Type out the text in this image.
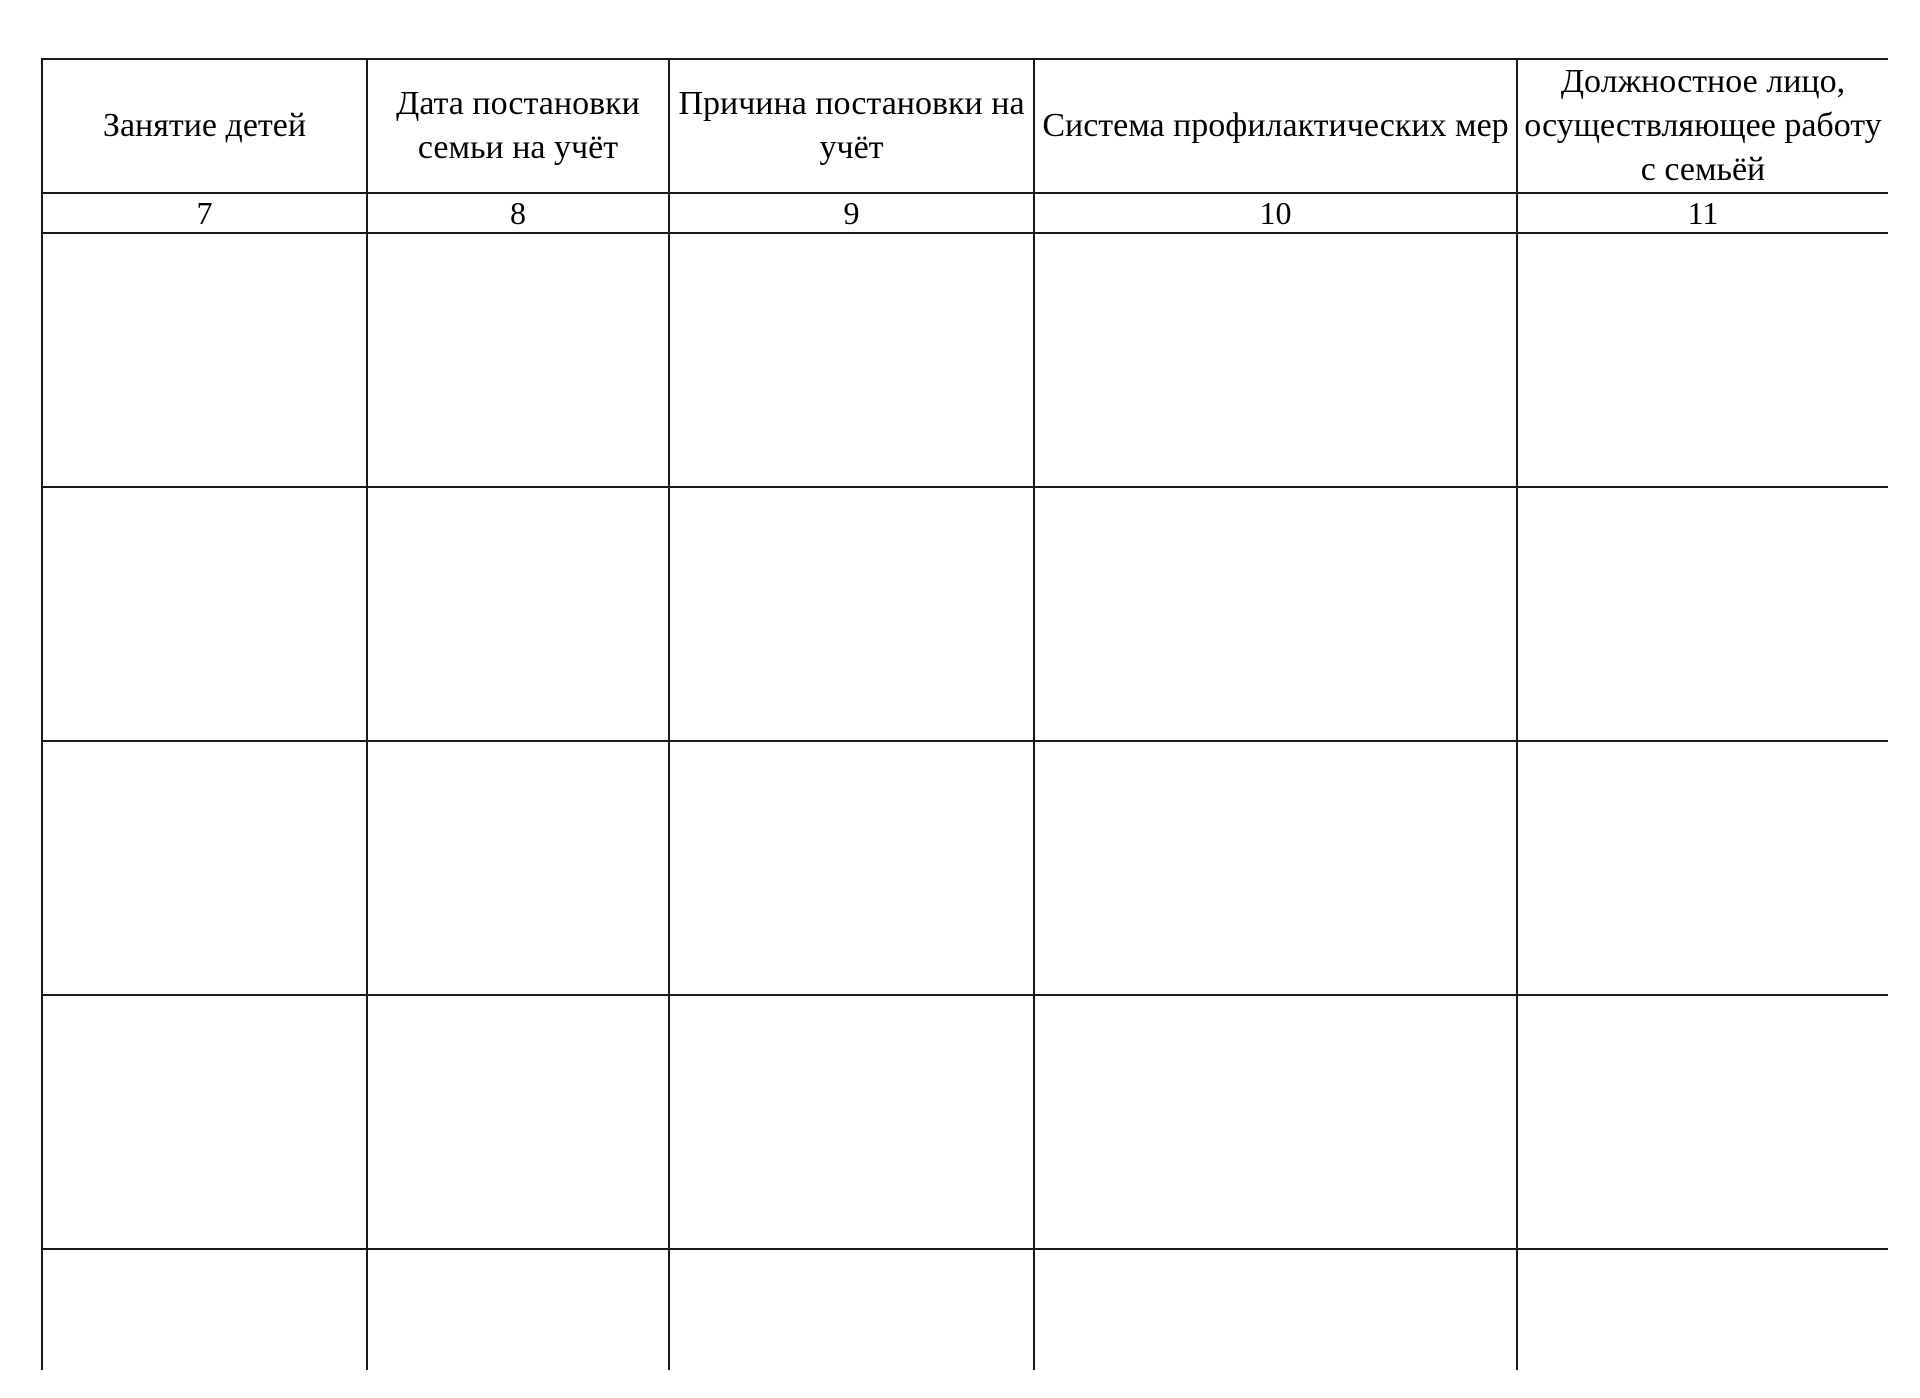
Занятие детей	Дата постановки семьи на учёт	Причина постановки на учёт	Система профилактических мер	Должностное лицо, осуществляющее работу с семьёй

7	8	9	10	11
